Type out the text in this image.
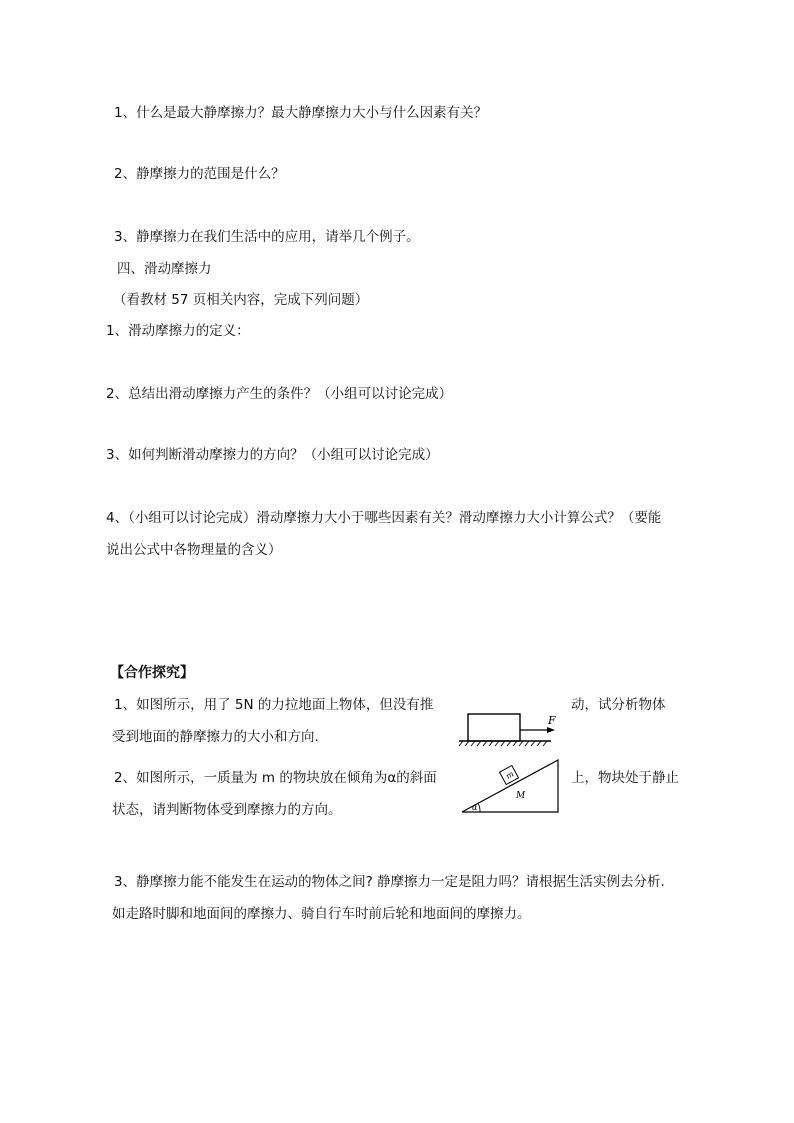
1、什么是最大静摩擦力？最大静摩擦力大小与什么因素有关？
2、静摩擦力的范围是什么？
3、静摩擦力在我们生活中的应用，请举几个例子。
四、滑动摩擦力
（看教材 57 页相关内容，完成下列问题）
1、滑动摩擦力的定义：
2、总结出滑动摩擦力产生的条件？（小组可以讨论完成）
3、如何判断滑动摩擦力的方向？（小组可以讨论完成）
4、（小组可以讨论完成）滑动摩擦力大小于哪些因素有关？滑动摩擦力大小计算公式？（要能
说出公式中各物理量的含义）
【合作探究】
1、如图所示，用了 5N 的力拉地面上物体，但没有推	动，试分析物体
受到地面的静摩擦力的大小和方向.
F
2、如图所示，一质量为 m 的物块放在倾角为α的斜面	上，物块处于静止
状态，请判断物体受到摩擦力的方向。	α
m
M
3、静摩擦力能不能发生在运动的物体之间? 静摩擦力一定是阻力吗？请根据生活实例去分析.
如走路时脚和地面间的摩擦力、骑自行车时前后轮和地面间的摩擦力。
